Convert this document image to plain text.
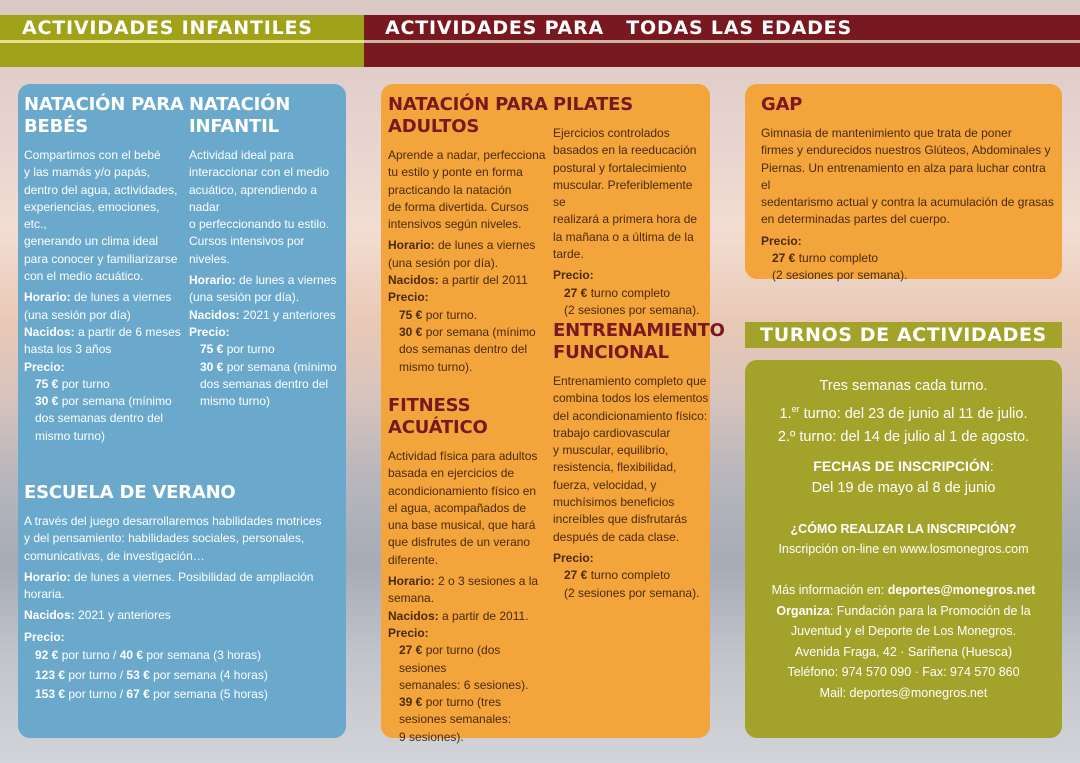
ACTIVIDADES INFANTILES	ACTIVIDADES PARA   TODAS LAS EDADES
TURNOS DE ACTIVIDADES
NATACIÓN PARA
BEBÉS
Compartimos con el bebé
y las mamás y/o papás,
dentro del agua, actividades,
experiencias, emociones, etc.,
generando un clima ideal
para conocer y familiarizarse
con el medio acuático.
Horario: de lunes a viernes
(una sesión por día)
Nacidos: a partir de 6 meses
hasta los 3 años
Precio:
75 € por turno
30 € por semana (mínimo
dos semanas dentro del
mismo turno)
NATACIÓN
INFANTIL
Actividad ideal para
interaccionar con el medio
acuático, aprendiendo a nadar
o perfeccionando tu estilo.
Cursos intensivos por niveles.
Horario: de lunes a viernes
(una sesión por día).
Nacidos: 2021 y anteriores
Precio:
75 € por turno
30 € por semana (mínimo
dos semanas dentro del
mismo turno)
ESCUELA DE VERANO
A través del juego desarrollaremos habilidades motrices
y del pensamiento: habilidades sociales, personales,
comunicativas, de investigación…
Horario: de lunes a viernes. Posibilidad de ampliación
horaria.
Nacidos: 2021 y anteriores
Precio:
92 € por turno / 40 € por semana (3 horas)
123 € por turno / 53 € por semana (4 horas)
153 € por turno / 67 € por semana (5 horas)
NATACIÓN PARA
ADULTOS
Aprende a nadar, perfecciona
tu estilo y ponte en forma
practicando la natación
de forma divertida. Cursos
intensivos según niveles.
Horario: de lunes a viernes
(una sesión por día).
Nacidos: a partir del 2011
Precio:
75 € por turno.
30 € por semana (mínimo
dos semanas dentro del
mismo turno).
FITNESS
ACUÁTICO
Actividad física para adultos
basada en ejercicios de
acondicionamiento físico en
el agua, acompañados de
una base musical, que hará
que disfrutes de un verano
diferente.
Horario: 2 o 3 sesiones a la
semana.
Nacidos: a partir de 2011.
Precio:
27 € por turno (dos sesiones
semanales: 6 sesiones).
39 € por turno (tres
sesiones semanales:
9 sesiones).
PILATES
Ejercicios controlados
basados en la reeducación
postural y fortalecimiento
muscular. Preferiblemente se
realizará a primera hora de
la mañana o a última de la
tarde.
Precio:
27 € turno completo
(2 sesiones por semana).
ENTRENAMIENTO
FUNCIONAL
Entrenamiento completo que
combina todos los elementos
del acondicionamiento físico:
trabajo cardiovascular
y muscular, equilibrio,
resistencia, flexibilidad,
fuerza, velocidad, y
muchísimos beneficios
increíbles que disfrutarás
después de cada clase.
Precio:
27 € turno completo
(2 sesiones por semana).
GAP
Gimnasia de mantenimiento que trata de poner
firmes y endurecidos nuestros Glúteos, Abdominales y
Piernas. Un entrenamiento en alza para luchar contra el
sedentarismo actual y contra la acumulación de grasas
en determinadas partes del cuerpo.
Precio:
27 € turno completo
(2 sesiones por semana).
Tres semanas cada turno.
1.$^{er}$ turno: del 23 de junio al 11 de julio.
2.º turno: del 14 de julio al 1 de agosto.
FECHAS DE INSCRIPCIÓN:
Del 19 de mayo al 8 de junio
¿CÓMO REALIZAR LA INSCRIPCIÓN?
Inscripción on-line en www.losmonegros.com
Más información en: deportes@monegros.net
Organiza: Fundación para la Promoción de la
Juventud y el Deporte de Los Monegros.
Avenida Fraga, 42 · Sariñena (Huesca)
Teléfono: 974 570 090 · Fax: 974 570 860
Mail: deportes@monegros.net
